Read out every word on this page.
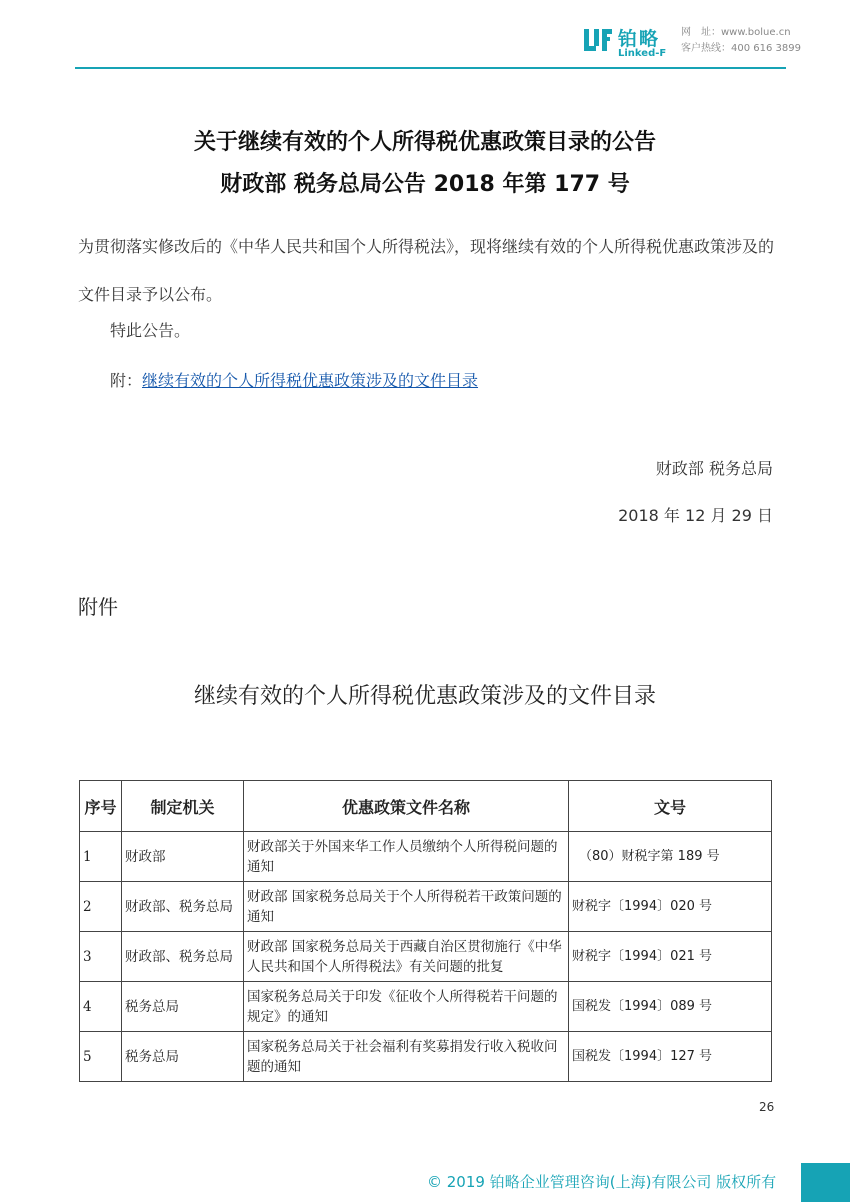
铂略
Linked-F
网　址：www.bolue.cn
客户热线：400 616 3899
关于继续有效的个人所得税优惠政策目录的公告
财政部 税务总局公告 2018 年第 177 号
为贯彻落实修改后的《中华人民共和国个人所得税法》，现将继续有效的个人所得税优惠政策涉及的文件目录予以公布。
特此公告。
附：继续有效的个人所得税优惠政策涉及的文件目录
财政部 税务总局
2018 年 12 月 29 日
附件
继续有效的个人所得税优惠政策涉及的文件目录
序号	制定机关	优惠政策文件名称	文号
1	财政部	财政部关于外国来华工作人员缴纳个人所得税问题的通知	（80）财税字第 189 号
2	财政部、税务总局	财政部 国家税务总局关于个人所得税若干政策问题的通知	财税字〔1994〕020 号
3	财政部、税务总局	财政部 国家税务总局关于西藏自治区贯彻施行《中华人民共和国个人所得税法》有关问题的批复	财税字〔1994〕021 号
4	税务总局	国家税务总局关于印发《征收个人所得税若干问题的规定》的通知	国税发〔1994〕089 号
5	税务总局	国家税务总局关于社会福利有奖募捐发行收入税收问题的通知	国税发〔1994〕127 号
26
© 2019 铂略企业管理咨询(上海)有限公司 版权所有
